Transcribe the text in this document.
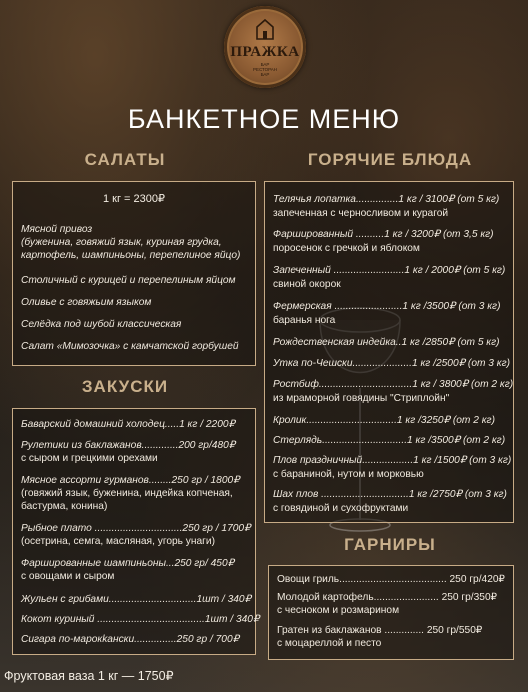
ПРАЖКА
БАР
РЕСТОРАН
БАР
БАНКЕТНОЕ МЕНЮ
САЛАТЫ
1 кг = 2300₽
Мясной привоз
(буженина, говяжий язык, куриная грудка,
картофель, шампиньоны, перепелиное яйцо)
Столичный с курицей и перепелиным яйцом
Оливье с говяжьим языком
Селёдка под шубой классическая
Салат «Мимозочка» с камчатской горбушей
ЗАКУСКИ
Баварский домашний холодец.....1 кг / 2200₽
Рулетики из баклажанов.............200 гр/480₽
с сыром и грецкими орехами
Мясное ассорти гурманов........250 гр / 1800₽
(говяжий язык, буженина, индейка копченая,
бастурма, конина)
Рыбное плато ...............................250 гр / 1700₽
(осетрина, семга, масляная, угорь унаги)
Фаршированные шампиньоны...250 гр/ 450₽
с овощами и сыром
Жульен с грибами...............................1шт / 340₽
Кокот куриный ......................................1шт / 340₽
Сигара по-марокkански...............250 гр / 700₽
Фруктовая ваза 1 кг — 1750₽
ГОРЯЧИЕ БЛЮДА
Телячья лопатка...............1 кг / 3100₽ (от 5 кг)
запеченная с черносливом и курагой
Фаршированный ..........1 кг / 3200₽ (от 3,5 кг)
поросенок с гречкой и яблоком
Запеченный .........................1 кг / 2000₽ (от 5 кг)
свиной окорок
Фермерская ........................1 кг /3500₽ (от 3 кг)
баранья нога
Рождественская индейка..1 кг /2850₽ (от 5 кг)
Утка по-Чешски.....................1 кг /2500₽ (от 3 кг)
Ростбиф.................................1 кг / 3800₽ (от 2 кг)
из мраморной говядины "Стриплойн"
Кролик................................1 кг /3250₽ (от 2 кг)
Стерлядь..............................1 кг /3500₽ (от 2 кг)
Плов праздничный..................1 кг /1500₽ (от 3 кг)
с бараниной, нутом и морковью
Шах плов ...............................1 кг /2750₽ (от 3 кг)
с говядиной и сухофруктами
ГАРНИРЫ
Овощи гриль...................................... 250 гр/420₽
Молодой картофель....................... 250 гр/350₽
с чесноком и розмарином
Гратен из баклажанов .............. 250 гр/550₽
с моцареллой и песто
